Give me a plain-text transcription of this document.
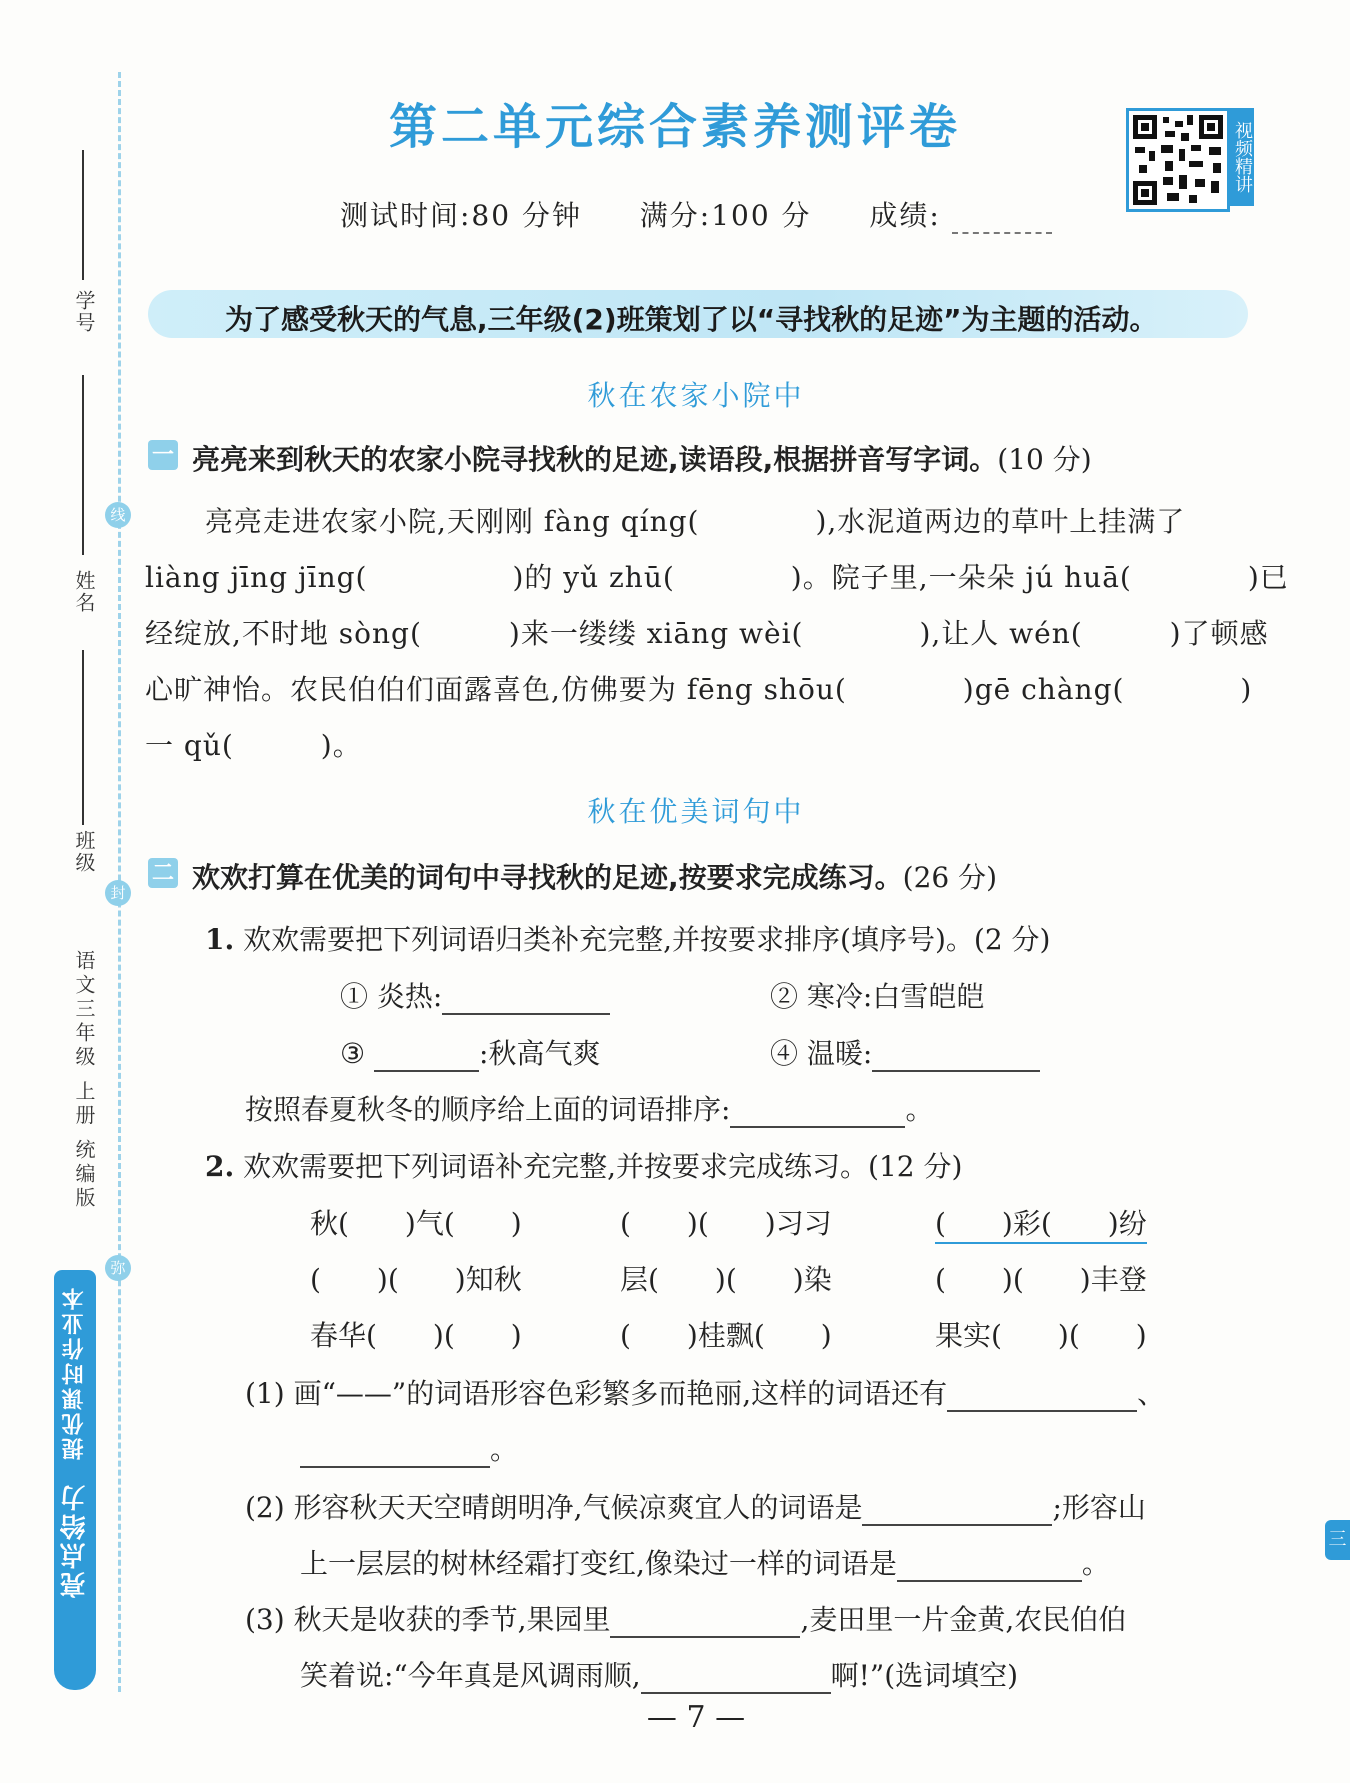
学号
姓名
班级
语文三年级 上册 统编版
线
封
弥
亮点给力 提优课时作业本
第二单元综合素养测评卷	视频精讲
测试时间:80 分钟 满分:100 分 成绩:
为了感受秋天的气息,三年级(2)班策划了以“寻找秋的足迹”为主题的活动。
秋在农家小院中
一 亮亮来到秋天的农家小院寻找秋的足迹,读语段,根据拼音写字词。(10 分)
亮亮走进农家小院,天刚刚 fàng qíng(　　　　),水泥道两边的草叶上挂满了
liàng jīng jīng(　　　　　)的 yǔ zhū(　　　　)。院子里,一朵朵 jú huā(　　　　)已
经绽放,不时地 sòng(　　　)来一缕缕 xiāng wèi(　　　　),让人 wén(　　　)了顿感
心旷神怡。农民伯伯们面露喜色,仿佛要为 fēng shōu(　　　　)gē chàng(　　　　)
一 qǔ(　　　)。
秋在优美词句中
二 欢欢打算在优美的词句中寻找秋的足迹,按要求完成练习。(26 分)
1. 欢欢需要把下列词语归类补充完整,并按要求排序(填序号)。(2 分)
① 炎热:	② 寒冷:白雪皑皑
③	:秋高气爽	④ 温暖:
按照春夏秋冬的顺序给上面的词语排序:	。
2. 欢欢需要把下列词语补充完整,并按要求完成练习。(12 分)
秋(　　)气(　　)	(　　)(　　)习习	(　　)彩(　　)纷
(　　)(　　)知秋	层(　　)(　　)染	(　　)(　　)丰登
春华(　　)(　　)	(　　)桂飘(　　)	果实(　　)(　　)
(1) 画“——”的词语形容色彩繁多而艳丽,这样的词语还有	、
。
(2) 形容秋天天空晴朗明净,气候凉爽宜人的词语是	;形容山
上一层层的树林经霜打变红,像染过一样的词语是	。
(3) 秋天是收获的季节,果园里	,麦田里一片金黄,农民伯伯
笑着说:“今年真是风调雨顺,	啊!”(选词填空)
— 7 —
三
